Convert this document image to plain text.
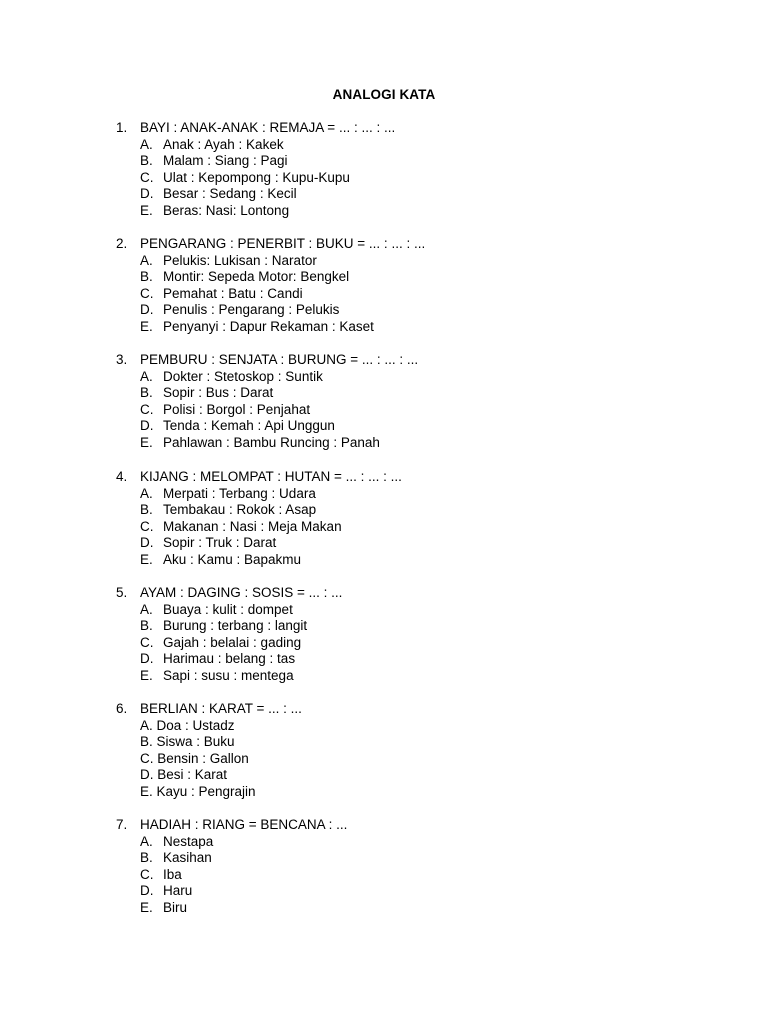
ANALOGI KATA
1. BAYI : ANAK-ANAK : REMAJA = ... : ... : ...
A. Anak : Ayah : Kakek
B. Malam : Siang : Pagi
C. Ulat : Kepompong : Kupu-Kupu
D. Besar : Sedang : Kecil
E. Beras: Nasi: Lontong
2. PENGARANG : PENERBIT : BUKU = ... : ... : ...
A. Pelukis: Lukisan : Narator
B. Montir: Sepeda Motor: Bengkel
C. Pemahat : Batu : Candi
D. Penulis : Pengarang : Pelukis
E. Penyanyi : Dapur Rekaman : Kaset
3. PEMBURU : SENJATA : BURUNG = ... : ... : ...
A. Dokter : Stetoskop : Suntik
B. Sopir : Bus : Darat
C. Polisi : Borgol : Penjahat
D. Tenda : Kemah : Api Unggun
E. Pahlawan : Bambu Runcing : Panah
4. KIJANG : MELOMPAT : HUTAN = ... : ... : ...
A. Merpati : Terbang : Udara
B. Tembakau : Rokok : Asap
C. Makanan : Nasi : Meja Makan
D. Sopir : Truk : Darat
E. Aku : Kamu : Bapakmu
5. AYAM : DAGING : SOSIS = ... : ...
A. Buaya : kulit : dompet
B. Burung : terbang : langit
C. Gajah : belalai : gading
D. Harimau : belang : tas
E. Sapi : susu : mentega
6. BERLIAN : KARAT = ... : ...
A. Doa : Ustadz
B. Siswa : Buku
C. Bensin : Gallon
D. Besi : Karat
E. Kayu : Pengrajin
7. HADIAH : RIANG = BENCANA : ...
A. Nestapa
B. Kasihan
C. Iba
D. Haru
E. Biru
